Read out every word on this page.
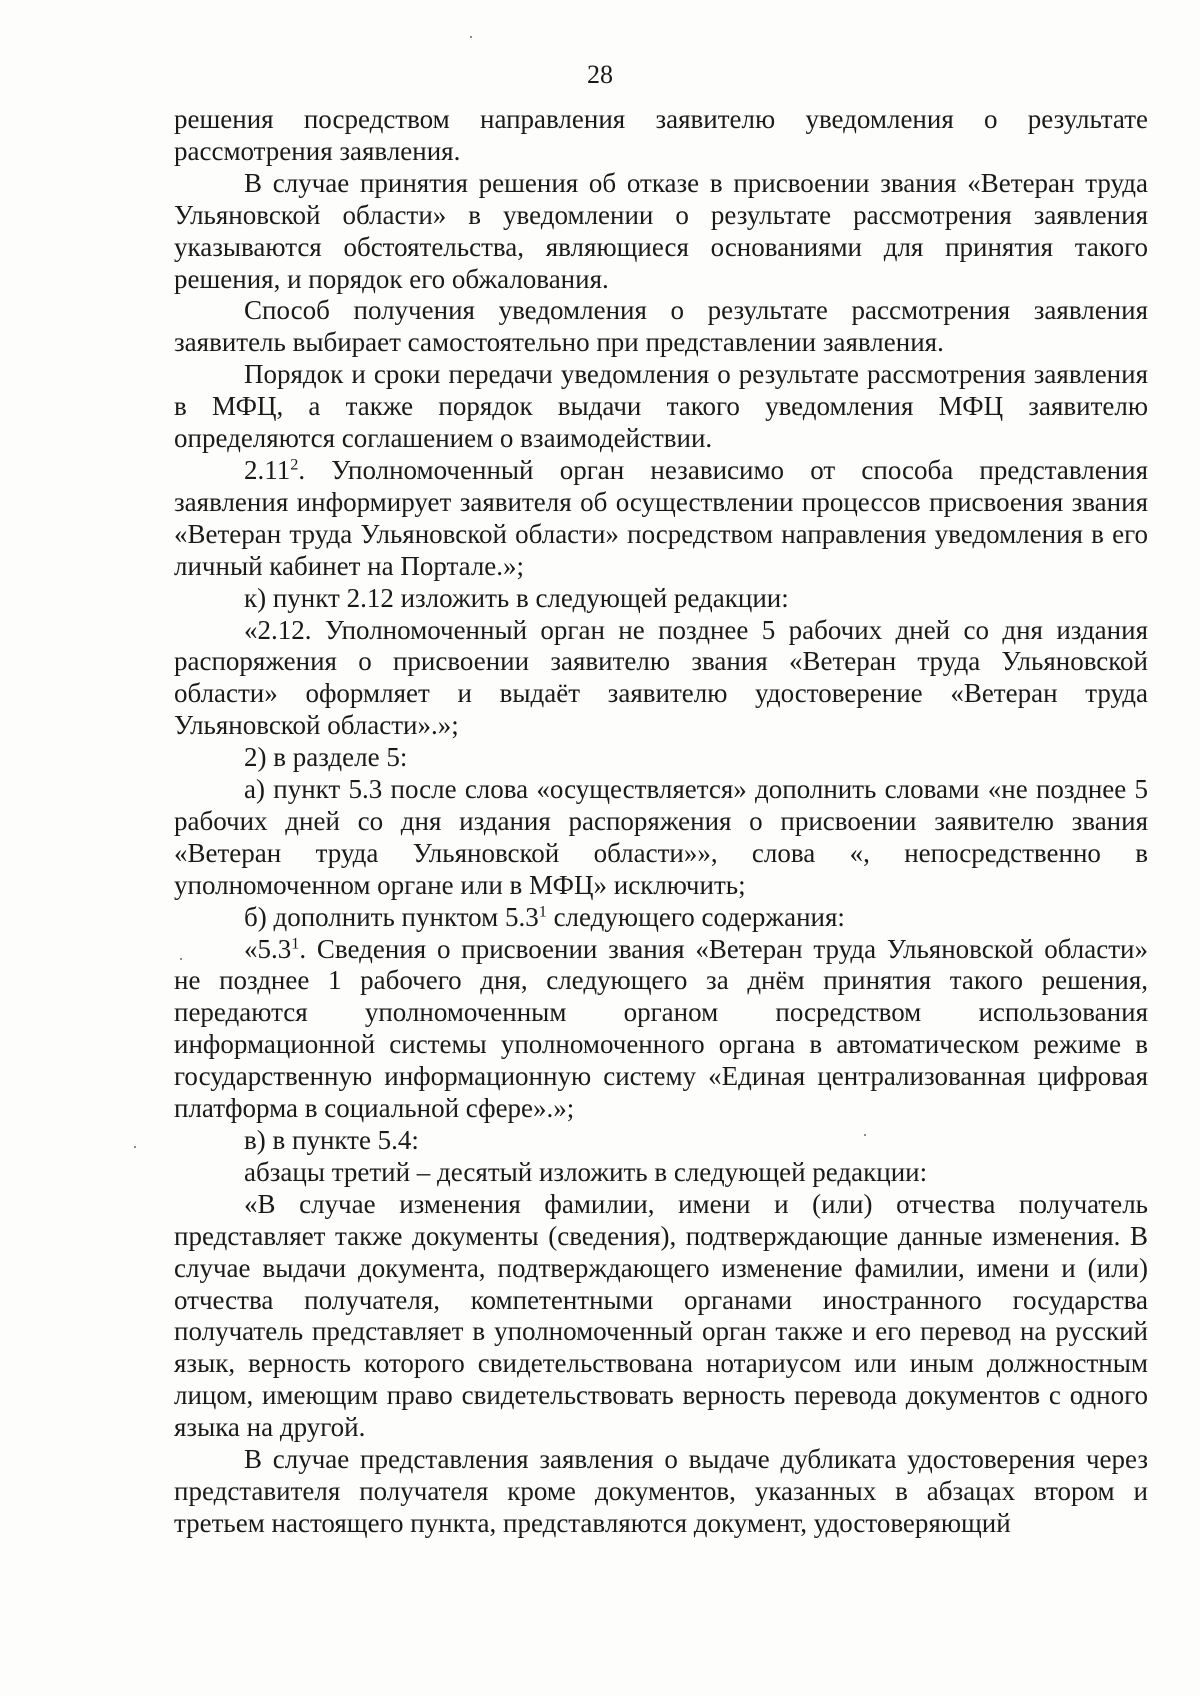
28

решения посредством направления заявителю уведомления о результате рассмотрения заявления.

В случае принятия решения об отказе в присвоении звания «Ветеран труда Ульяновской области» в уведомлении о результате рассмотрения заявления указываются обстоятельства, являющиеся основаниями для принятия такого решения, и порядок его обжалования.

Способ получения уведомления о результате рассмотрения заявления заявитель выбирает самостоятельно при представлении заявления.

Порядок и сроки передачи уведомления о результате рассмотрения заявления в МФЦ, а также порядок выдачи такого уведомления МФЦ заявителю определяются соглашением о взаимодействии.

2.11$^2$. Уполномоченный орган независимо от способа представления заявления информирует заявителя об осуществлении процессов присвоения звания «Ветеран труда Ульяновской области» посредством направления уведомления в его личный кабинет на Портале.»;

к) пункт 2.12 изложить в следующей редакции:

«2.12. Уполномоченный орган не позднее 5 рабочих дней со дня издания распоряжения о присвоении заявителю звания «Ветеран труда Ульяновской области» оформляет и выдаёт заявителю удостоверение «Ветеран труда Ульяновской области».»;

2) в разделе 5:

а) пункт 5.3 после слова «осуществляется» дополнить словами «не позднее 5 рабочих дней со дня издания распоряжения о присвоении заявителю звания «Ветеран труда Ульяновской области»», слова «, непосредственно в уполномоченном органе или в МФЦ» исключить;

б) дополнить пунктом $5.3^1$ следующего содержания:

«$5.3^1$. Сведения о присвоении звания «Ветеран труда Ульяновской области» не позднее 1 рабочего дня, следующего за днём принятия такого решения, передаются уполномоченным органом посредством использования информационной системы уполномоченного органа в автоматическом режиме в государственную информационную систему «Единая централизованная цифровая платформа в социальной сфере».»;

в) в пункте 5.4:

абзацы третий – десятый изложить в следующей редакции:

«В случае изменения фамилии, имени и (или) отчества получатель представляет также документы (сведения), подтверждающие данные изменения. В случае выдачи документа, подтверждающего изменение фамилии, имени и (или) отчества получателя, компетентными органами иностранного государства получатель представляет в уполномоченный орган также и его перевод на русский язык, верность которого свидетельствована нотариусом или иным должностным лицом, имеющим право свидетельствовать верность перевода документов с одного языка на другой.

В случае представления заявления о выдаче дубликата удостоверения через представителя получателя кроме документов, указанных в абзацах втором и третьем настоящего пункта, представляются документ, удостоверяющий
